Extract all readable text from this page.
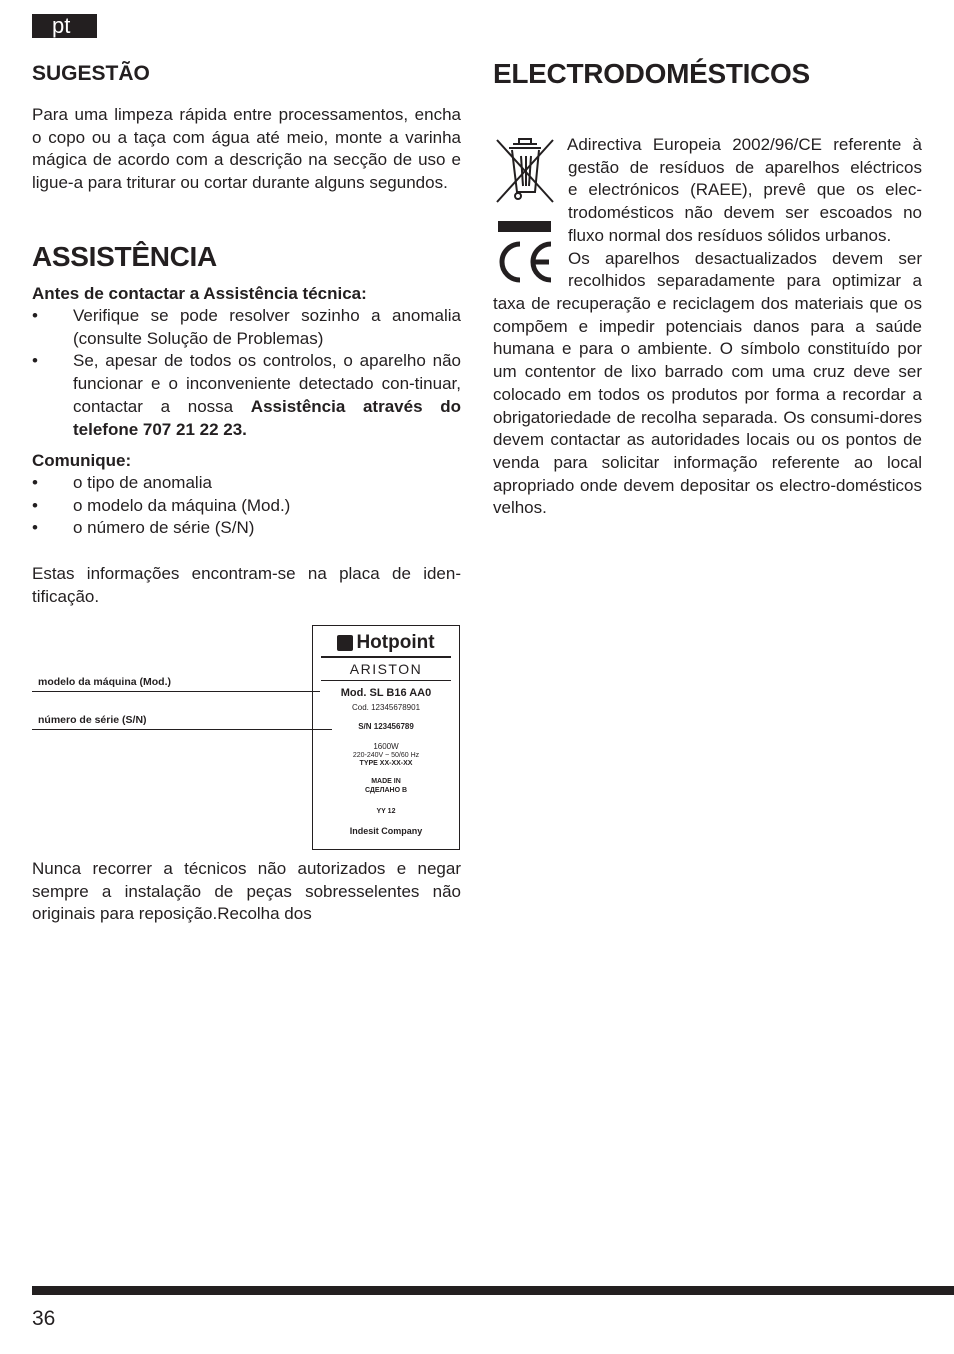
pt
SUGESTÃO

Para uma limpeza rápida entre processamentos, encha o copo ou a taça com água até meio, monte a varinha mágica de acordo com a descrição na secção de uso e ligue-a para triturar ou cortar durante alguns segundos.

ASSISTÊNCIA
Antes de contactar a Assistência técnica:
• Verifique se pode resolver sozinho a anomalia (consulte Solução de Problemas)
• Se, apesar de todos os controlos, o aparelho não funcionar e o inconveniente detectado con-tinuar, contactar a nossa Assistência através do telefone 707 21 22 23.
Comunique:
• o tipo de anomalia
• o modelo da máquina (Mod.)
• o número de série (S/N)

Estas informações encontram-se na placa de iden-tificação.

modelo da máquina (Mod.)
número de série (S/N)
Hotpoint
ARISTON
Mod. SL B16 AA0
Cod. 12345678901
S/N 123456789
1600W
220-240V ~ 50/60 Hz
TYPE XX-XX-XX
MADE IN
СДЕЛАНО В
YY 12
Indesit Company

Nunca recorrer a técnicos não autorizados e negar sempre a instalação de peças sobresselentes não originais para reposição.Recolha dos

ELECTRODOMÉSTICOS
CE
Adirectiva Europeia 2002/96/CE referente à
gestão de resíduos de aparelhos eléctricos
e electrónicos (RAEE), prevê que os elec-
trodomésticos não devem ser escoados no
fluxo normal dos resíduos sólidos urbanos.
Os aparelhos desactualizados devem ser
recolhidos separadamente para optimizar a

taxa de recuperação e reciclagem dos materiais que os compõem e impedir potenciais danos para a saúde humana e para o ambiente. O símbolo constituído por um contentor de lixo barrado com uma cruz deve ser colocado em todos os produtos por forma a recordar a obrigatoriedade de recolha separada. Os consumi-dores devem contactar as autoridades locais ou os pontos de venda para solicitar informação referente ao local apropriado onde devem depositar os electro-domésticos velhos.

36
